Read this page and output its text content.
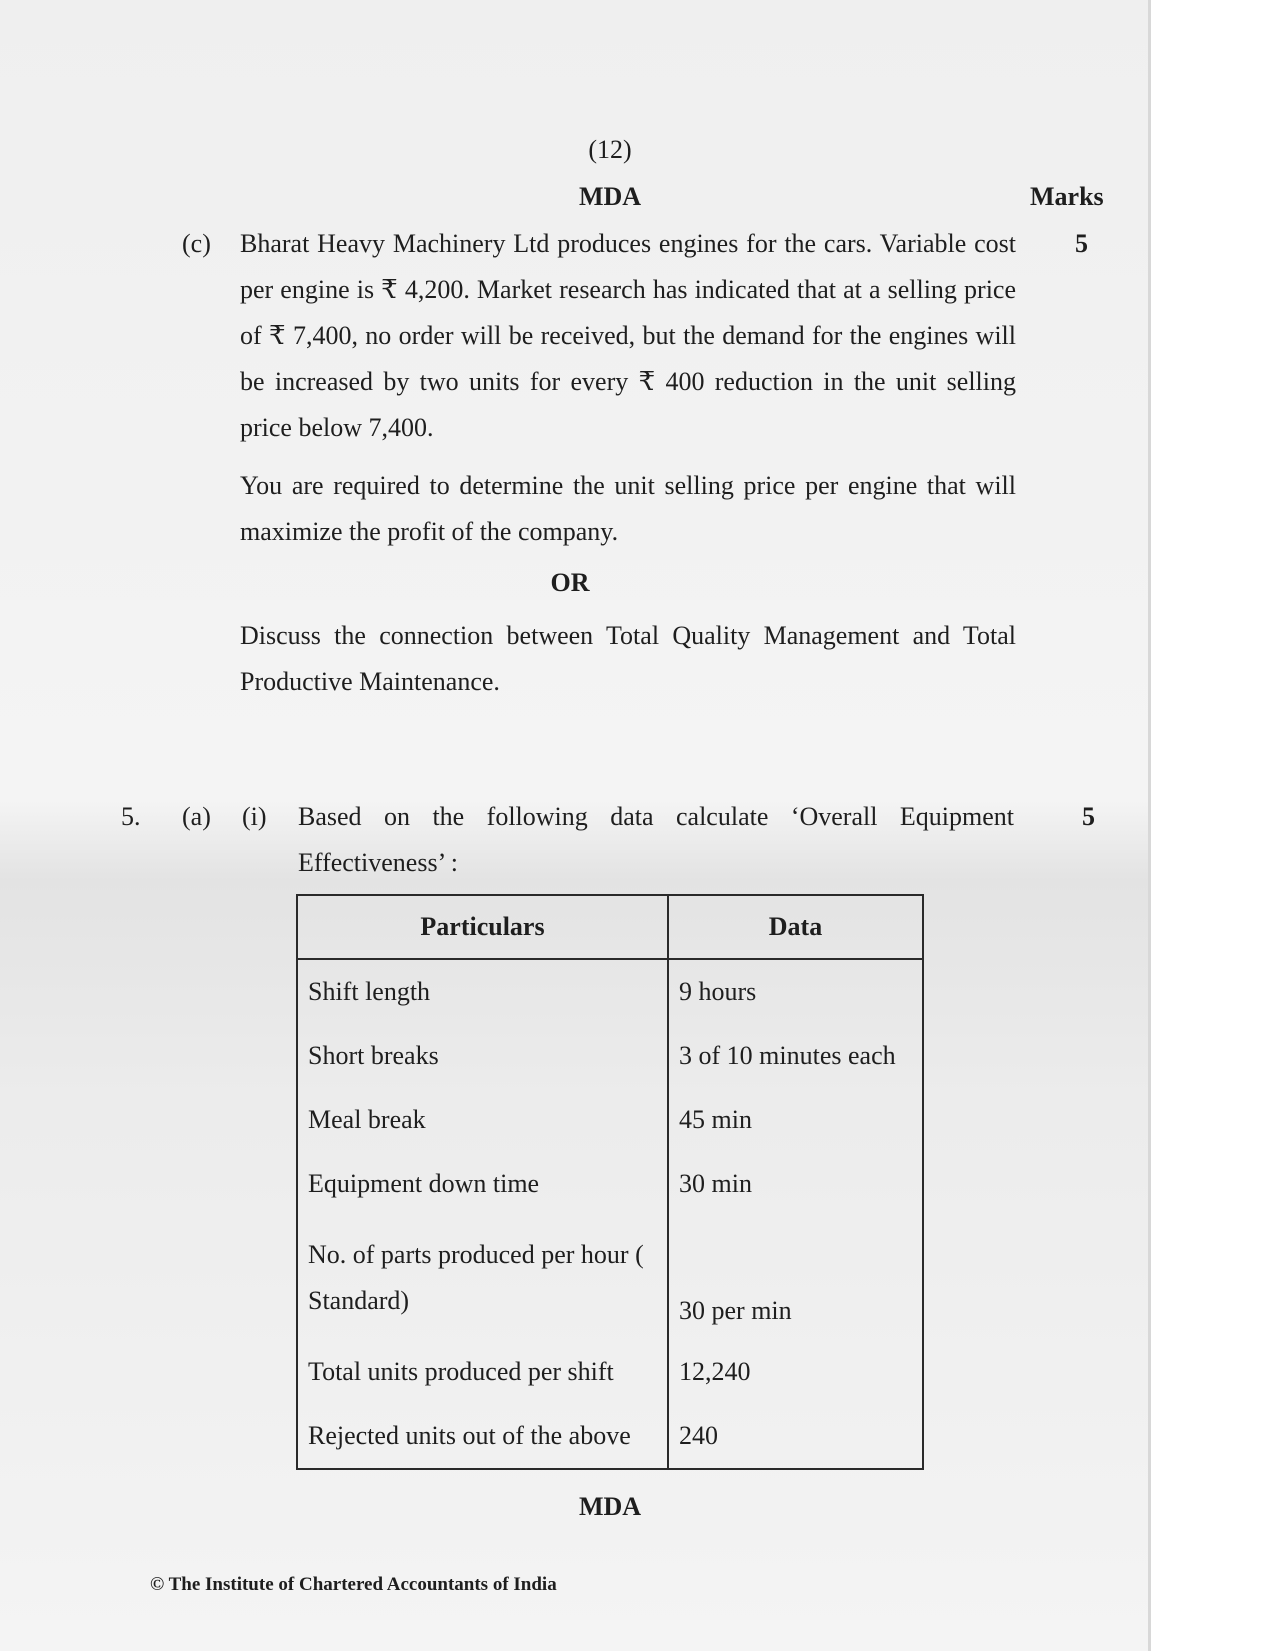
(12)
MDA	Marks
(c)	5
Bharat Heavy Machinery Ltd produces engines for the cars. Variable cost per engine is ₹ 4,200. Market research has indicated that at a selling price of ₹ 7,400, no order will be received, but the demand for the engines will be increased by two units for every ₹ 400 reduction in the unit selling price below 7,400.
You are required to determine the unit selling price per engine that will maximize the profit of the company.
OR
Discuss the connection between Total Quality Management and Total Productive Maintenance.
5. (a) (i)	5
Based on the following data calculate ‘Overall Equipment Effectiveness’ :
Particulars	Data
Shift length	9 hours
Short breaks	3 of 10 minutes each
Meal break	45 min
Equipment down time	30 min
No. of parts produced per hour ( Standard)	30 per min
Total units produced per shift	12,240
Rejected units out of the above	240
MDA
© The Institute of Chartered Accountants of India
